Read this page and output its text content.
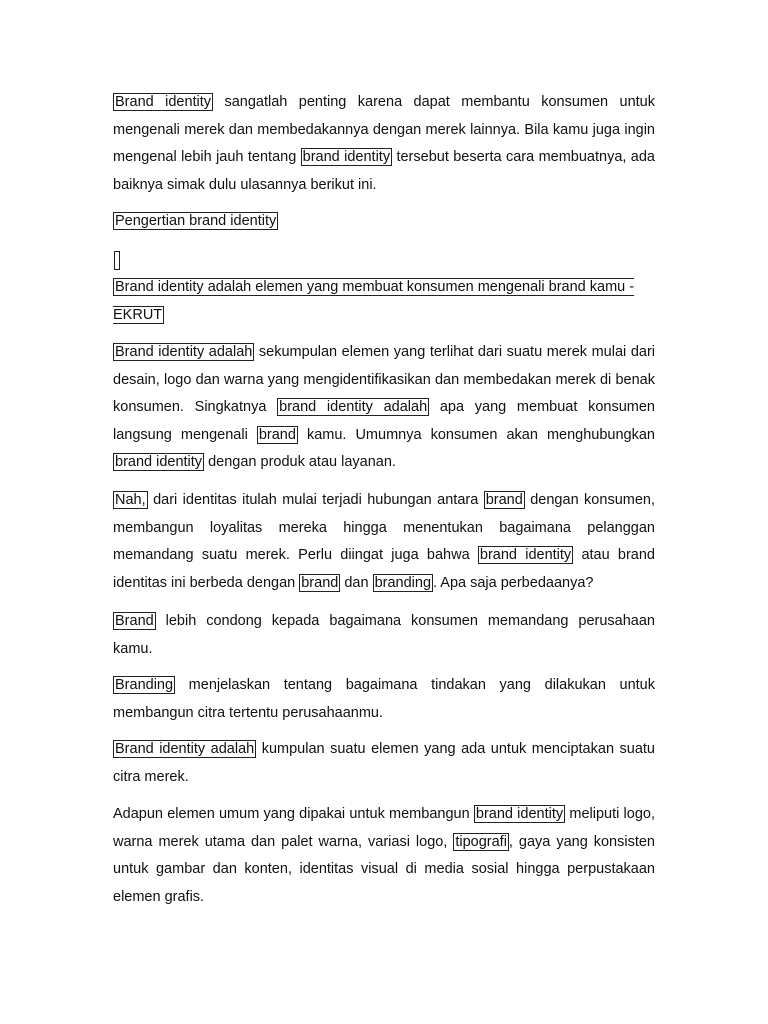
Brand identity sangatlah penting karena dapat membantu konsumen untuk mengenali merek dan membedakannya dengan merek lainnya. Bila kamu juga ingin mengenal lebih jauh tentang brand identity tersebut beserta cara membuatnya, ada baiknya simak dulu ulasannya berikut ini.

Pengertian brand identity

Brand identity adalah elemen yang membuat konsumen mengenali brand kamu - EKRUT

Brand identity adalah sekumpulan elemen yang terlihat dari suatu merek mulai dari desain, logo dan warna yang mengidentifikasikan dan membedakan merek di benak konsumen. Singkatnya brand identity adalah apa yang membuat konsumen langsung mengenali brand kamu. Umumnya konsumen akan menghubungkan brand identity dengan produk atau layanan.

Nah, dari identitas itulah mulai terjadi hubungan antara brand dengan konsumen, membangun loyalitas mereka hingga menentukan bagaimana pelanggan memandang suatu merek. Perlu diingat juga bahwa brand identity atau brand identitas ini berbeda dengan brand dan branding . Apa saja perbedaanya?

Brand lebih condong kepada bagaimana konsumen memandang perusahaan kamu.

Branding menjelaskan tentang bagaimana tindakan yang dilakukan untuk membangun citra tertentu perusahaanmu.

Brand identity adalah kumpulan suatu elemen yang ada untuk menciptakan suatu citra merek.

Adapun elemen umum yang dipakai untuk membangun brand identity meliputi logo, warna merek utama dan palet warna, variasi logo, tipografi , gaya yang konsisten untuk gambar dan konten, identitas visual di media sosial hingga perpustakaan elemen grafis.
